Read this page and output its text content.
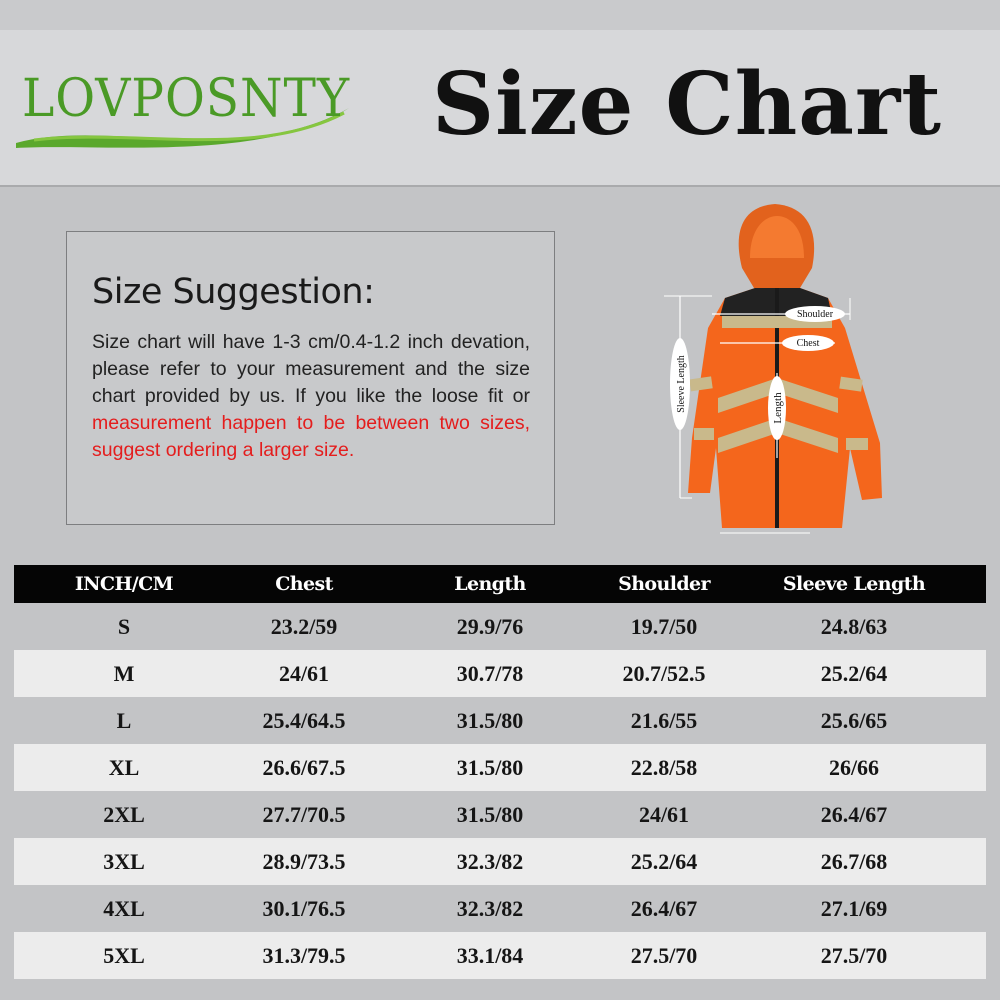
LOVPOSNTY Size Chart
Size Suggestion:
Size chart will have 1-3 cm/0.4-1.2 inch devation, please refer to your measurement and the size chart provided by us. If you like the loose fit or measurement happen to be between two sizes, suggest ordering a larger size.
Shoulder
Chest
Length
Sleeve Length
INCH/CM	Chest	Length	Shoulder	Sleeve Length
S	23.2/59	29.9/76	19.7/50	24.8/63
M	24/61	30.7/78	20.7/52.5	25.2/64
L	25.4/64.5	31.5/80	21.6/55	25.6/65
XL	26.6/67.5	31.5/80	22.8/58	26/66
2XL	27.7/70.5	31.5/80	24/61	26.4/67
3XL	28.9/73.5	32.3/82	25.2/64	26.7/68
4XL	30.1/76.5	32.3/82	26.4/67	27.1/69
5XL	31.3/79.5	33.1/84	27.5/70	27.5/70
